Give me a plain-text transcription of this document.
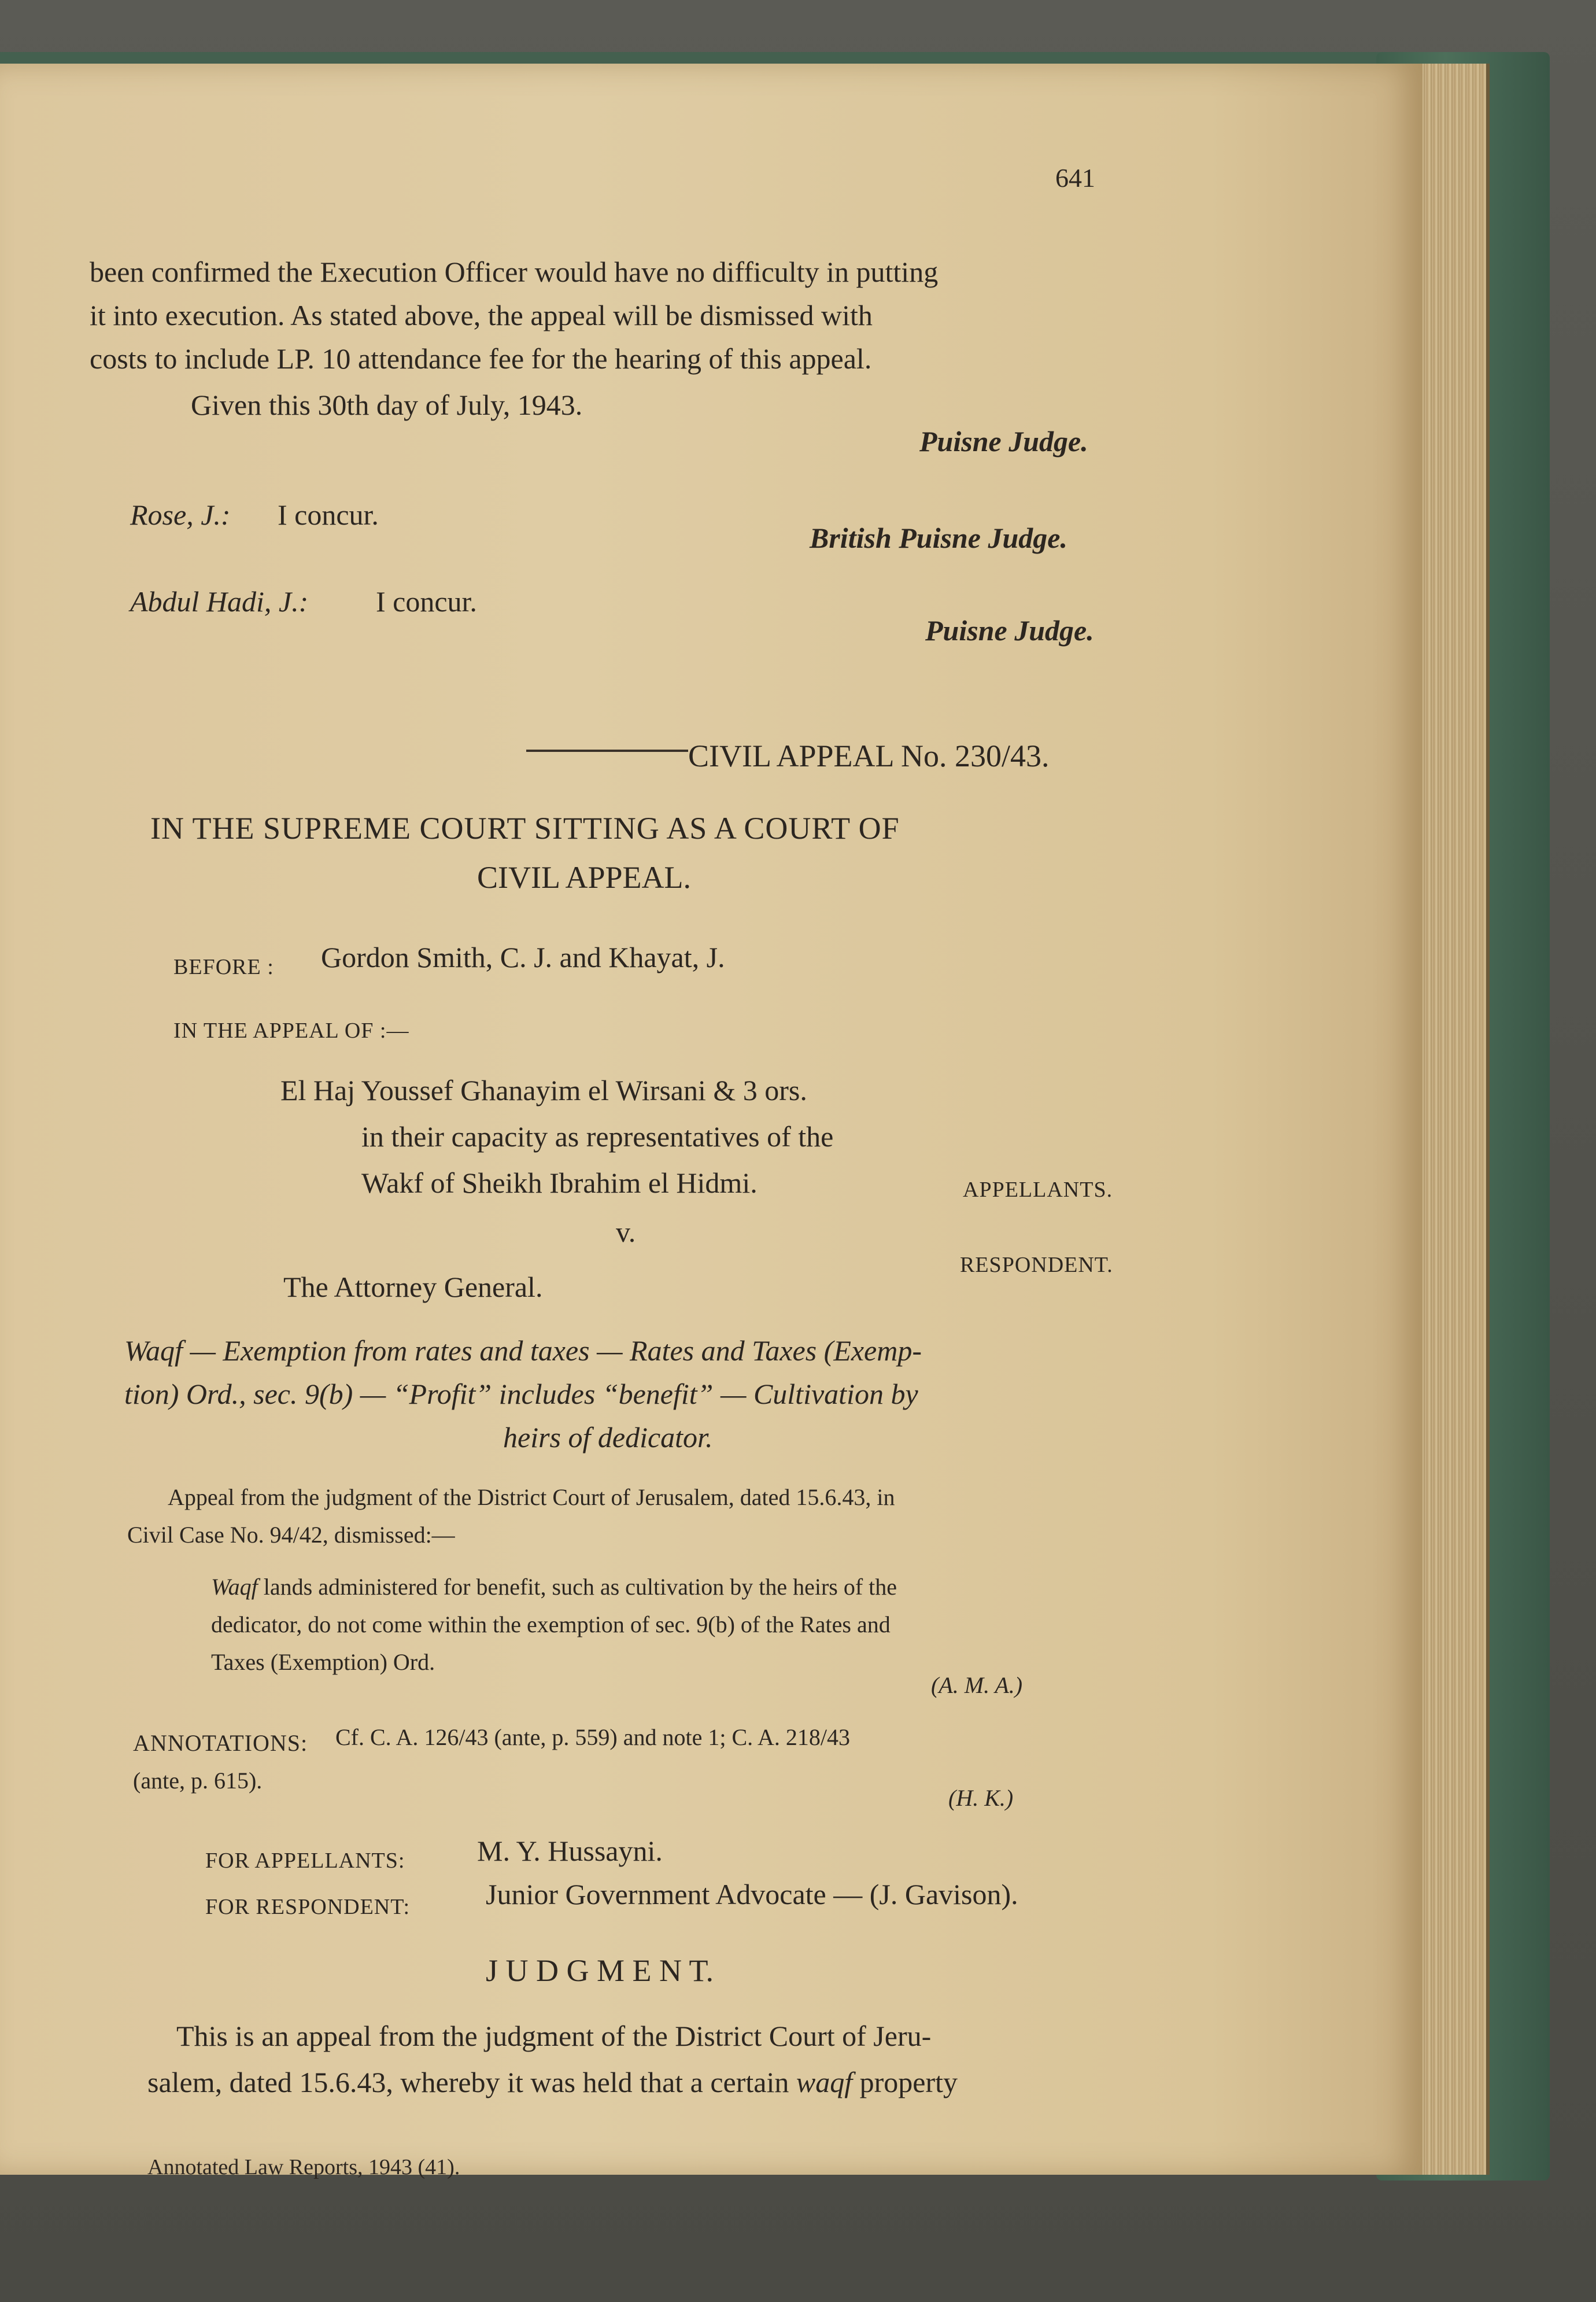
641
been confirmed the Execution Officer would have no difficulty in putting
it into execution. As stated above, the appeal will be dismissed with
costs to include LP. 10 attendance fee for the hearing of this appeal.
Given this 30th day of July, 1943.
Puisne Judge.
Rose, J.: I concur.
British Puisne Judge.
Abdul Hadi, J.: I concur.
Puisne Judge.
CIVIL APPEAL No. 230/43.
IN THE SUPREME COURT SITTING AS A COURT OF
CIVIL APPEAL.
BEFORE : Gordon Smith, C. J. and Khayat, J.
IN THE APPEAL OF :—
El Haj Youssef Ghanayim el Wirsani & 3 ors.
in their capacity as representatives of the
Wakf of Sheikh Ibrahim el Hidmi.	APPELLANTS.
v.
The Attorney General.
RESPONDENT.
Waqf — Exemption from rates and taxes — Rates and Taxes (Exemp-
tion) Ord., sec. 9(b) — “Profit” includes “benefit” — Cultivation by
heirs of dedicator.
Appeal from the judgment of the District Court of Jerusalem, dated 15.6.43, in
Civil Case No. 94/42, dismissed:—
Waqf lands administered for benefit, such as cultivation by the heirs of the
dedicator, do not come within the exemption of sec. 9(b) of the Rates and
Taxes (Exemption) Ord.
(A. M. A.)
ANNOTATIONS: Cf. C. A. 126/43 (ante, p. 559) and note 1; C. A. 218/43
(ante, p. 615).
(H. K.)
FOR APPELLANTS: M. Y. Hussayni.
FOR RESPONDENT:	Junior Government Advocate — (J. Gavison).
J U D G M E N T.
This is an appeal from the judgment of the District Court of Jeru-
salem, dated 15.6.43, whereby it was held that a certain waqf property
Annotated Law Reports, 1943 (41).
